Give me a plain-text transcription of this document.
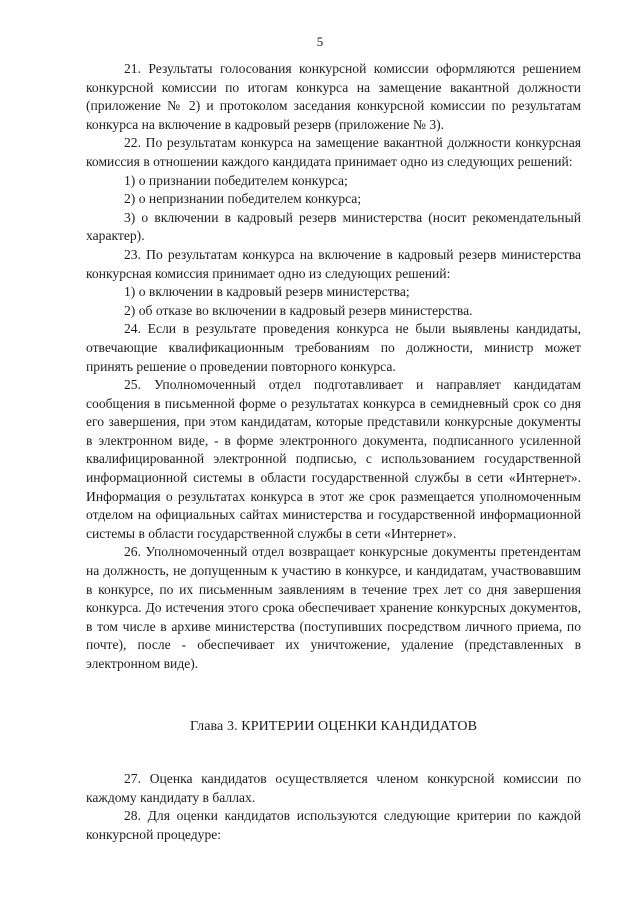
5

21. Результаты голосования конкурсной комиссии оформляются решением конкурсной комиссии по итогам конкурса на замещение вакантной должности (приложение № 2) и протоколом заседания конкурсной комиссии по результатам конкурса на включение в кадровый резерв (приложение № 3).

22. По результатам конкурса на замещение вакантной должности конкурсная комиссия в отношении каждого кандидата принимает одно из следующих решений:

1) о признании победителем конкурса;

2) о непризнании победителем конкурса;

3) о включении в кадровый резерв министерства (носит рекомендательный характер).

23. По результатам конкурса на включение в кадровый резерв министерства конкурсная комиссия принимает одно из следующих решений:

1) о включении в кадровый резерв министерства;

2) об отказе во включении в кадровый резерв министерства.

24. Если в результате проведения конкурса не были выявлены кандидаты, отвечающие квалификационным требованиям по должности, министр может принять решение о проведении повторного конкурса.

25. Уполномоченный отдел подготавливает и направляет кандидатам сообщения в письменной форме о результатах конкурса в семидневный срок со дня его завершения, при этом кандидатам, которые представили конкурсные документы в электронном виде, - в форме электронного документа, подписанного усиленной квалифицированной электронной подписью, с использованием государственной информационной системы в области государственной службы в сети «Интернет». Информация о результатах конкурса в этот же срок размещается уполномоченным отделом на официальных сайтах министерства и государственной информационной системы в области государственной службы в сети «Интернет».

26. Уполномоченный отдел возвращает конкурсные документы претендентам на должность, не допущенным к участию в конкурсе, и кандидатам, участвовавшим в конкурсе, по их письменным заявлениям в течение трех лет со дня завершения конкурса. До истечения этого срока обеспечивает хранение конкурсных документов, в том числе в архиве министерства (поступивших посредством личного приема, по почте), после - обеспечивает их уничтожение, удаление (представленных в электронном виде).

Глава 3. КРИТЕРИИ ОЦЕНКИ КАНДИДАТОВ

27. Оценка кандидатов осуществляется членом конкурсной комиссии по каждому кандидату в баллах.

28. Для оценки кандидатов используются следующие критерии по каждой конкурсной процедуре:
